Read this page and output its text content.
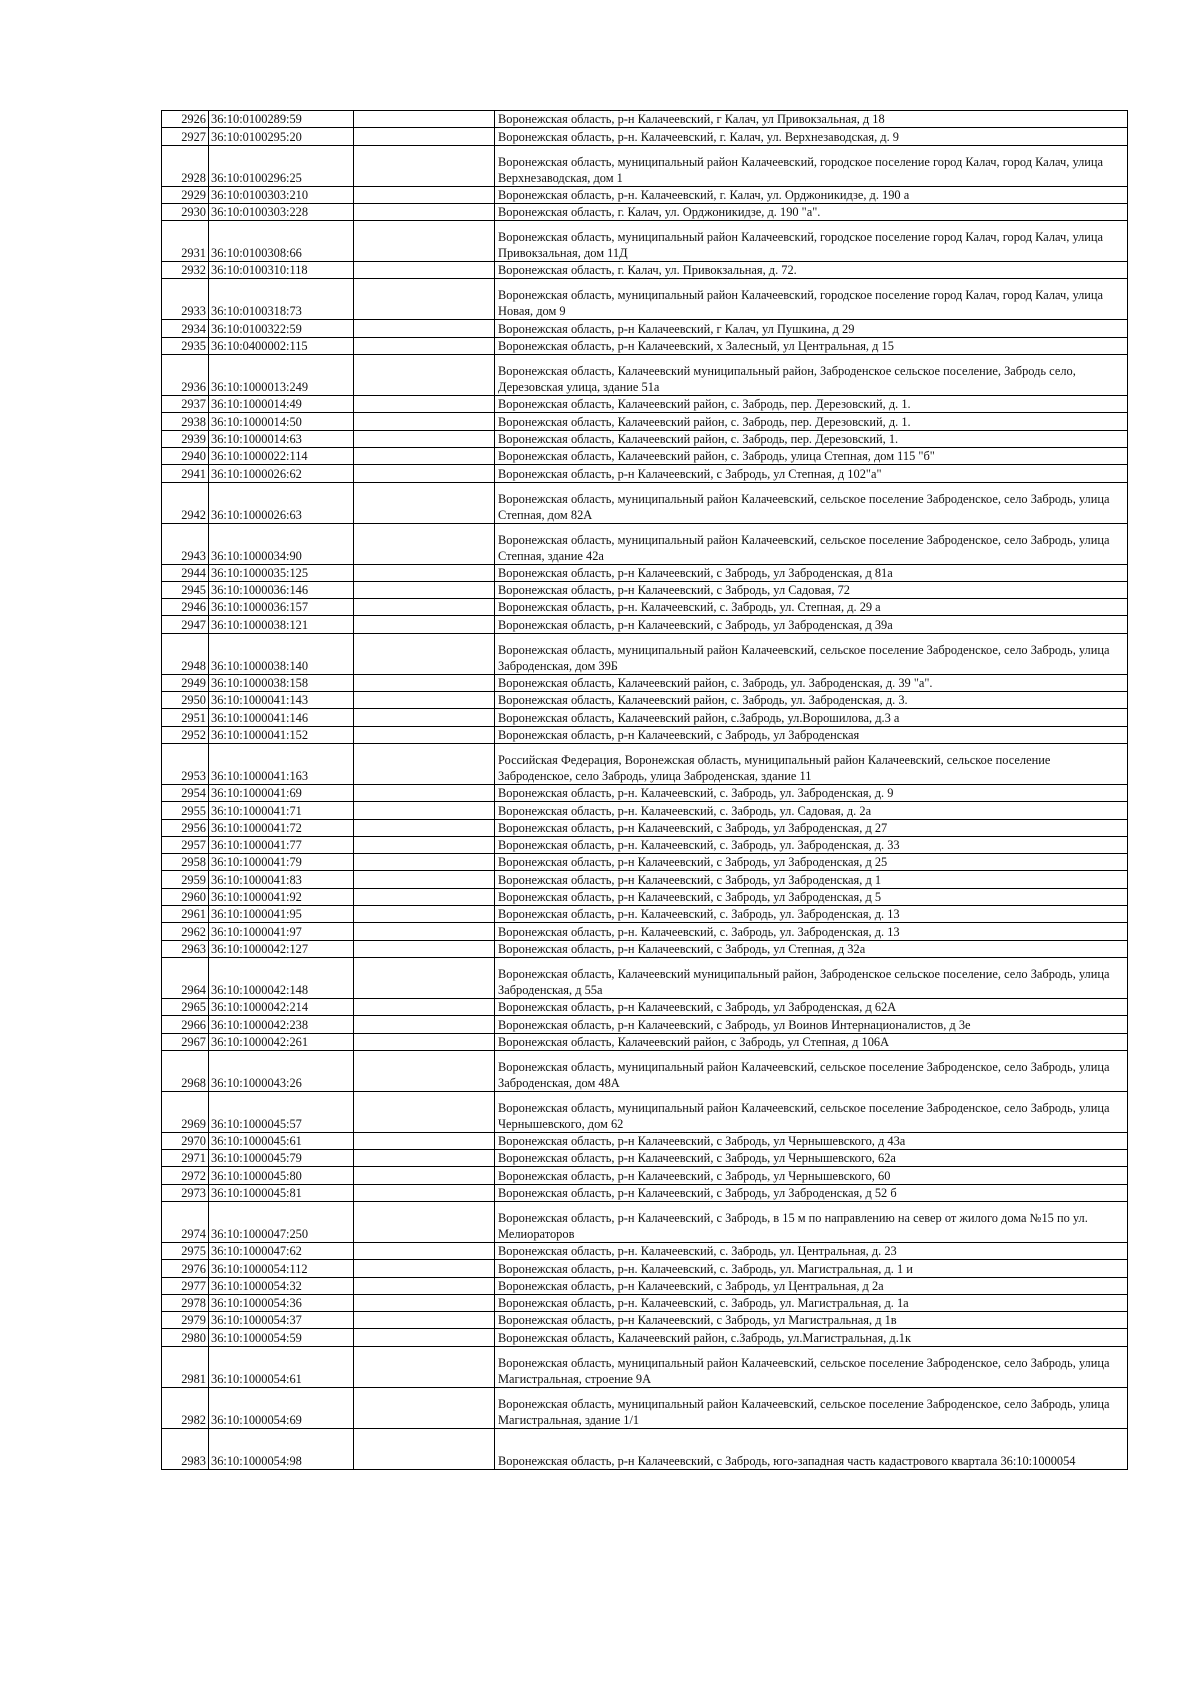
2926	36:10:0100289:59		Воронежская область, р-н Калачеевский, г Калач, ул Привокзальная, д 18
2927	36:10:0100295:20		Воронежская область, р-н. Калачеевский, г. Калач, ул. Верхнезаводская, д. 9
2928	36:10:0100296:25		Воронежская область, муниципальный район Калачеевский, городское поселение город Калач, город Калач, улица Верхнезаводская, дом 1
2929	36:10:0100303:210		Воронежская область, р-н. Калачеевский, г. Калач, ул. Орджоникидзе, д. 190 а
2930	36:10:0100303:228		Воронежская область, г. Калач, ул. Орджоникидзе, д. 190 "а".
2931	36:10:0100308:66		Воронежская область, муниципальный район Калачеевский, городское поселение город Калач, город Калач, улица Привокзальная, дом 11Д
2932	36:10:0100310:118		Воронежская область, г. Калач, ул. Привокзальная, д. 72.
2933	36:10:0100318:73		Воронежская область, муниципальный район Калачеевский, городское поселение город Калач, город Калач, улица Новая, дом 9
2934	36:10:0100322:59		Воронежская область, р-н Калачеевский, г Калач, ул Пушкина, д 29
2935	36:10:0400002:115		Воронежская область, р-н Калачеевский, х Залесный, ул Центральная, д 15
2936	36:10:1000013:249		Воронежская область, Калачеевский муниципальный район, Заброденское сельское поселение, Забродь село, Дерезовская улица, здание 51а
2937	36:10:1000014:49		Воронежская область, Калачеевский район, с. Забродь, пер. Дерезовский, д. 1.
2938	36:10:1000014:50		Воронежская область, Калачеевский район, с. Забродь, пер. Дерезовский, д. 1.
2939	36:10:1000014:63		Воронежская область, Калачеевский район, с. Забродь, пер. Дерезовский, 1.
2940	36:10:1000022:114		Воронежская область, Калачеевский район, с. Забродь, улица Степная, дом 115 "б"
2941	36:10:1000026:62		Воронежская область, р-н Калачеевский, с Забродь, ул Степная, д 102"а"
2942	36:10:1000026:63		Воронежская область, муниципальный район Калачеевский, сельское поселение Заброденское, село Забродь, улица Степная, дом 82А
2943	36:10:1000034:90		Воронежская область, муниципальный район Калачеевский, сельское поселение Заброденское, село Забродь, улица Степная, здание 42а
2944	36:10:1000035:125		Воронежская область, р-н Калачеевский, с Забродь, ул Заброденская, д 81а
2945	36:10:1000036:146		Воронежская область, р-н Калачеевский, с Забродь, ул Садовая, 72
2946	36:10:1000036:157		Воронежская область, р-н. Калачеевский, с. Забродь, ул. Степная, д. 29 а
2947	36:10:1000038:121		Воронежская область, р-н Калачеевский, с Забродь, ул Заброденская, д 39а
2948	36:10:1000038:140		Воронежская область, муниципальный район Калачеевский, сельское поселение Заброденское, село Забродь, улица Заброденская, дом 39Б
2949	36:10:1000038:158		Воронежская область, Калачеевский район, с. Забродь, ул. Заброденская, д. 39 "а".
2950	36:10:1000041:143		Воронежская область, Калачеевский район, с. Забродь, ул. Заброденская, д. 3.
2951	36:10:1000041:146		Воронежская область, Калачеевский район, с.Забродь, ул.Ворошилова, д.3 а
2952	36:10:1000041:152		Воронежская область, р-н Калачеевский, с Забродь, ул Заброденская
2953	36:10:1000041:163		Российская Федерация, Воронежская область, муниципальный район Калачеевский, сельское поселение Заброденское, село Забродь, улица Заброденская, здание 11
2954	36:10:1000041:69		Воронежская область, р-н. Калачеевский, с. Забродь, ул. Заброденская, д. 9
2955	36:10:1000041:71		Воронежская область, р-н. Калачеевский, с. Забродь, ул. Садовая, д. 2а
2956	36:10:1000041:72		Воронежская область, р-н Калачеевский, с Забродь, ул Заброденская, д 27
2957	36:10:1000041:77		Воронежская область, р-н. Калачеевский, с. Забродь, ул. Заброденская, д. 33
2958	36:10:1000041:79		Воронежская область, р-н Калачеевский, с Забродь, ул Заброденская, д 25
2959	36:10:1000041:83		Воронежская область, р-н Калачеевский, с Забродь, ул Заброденская, д 1
2960	36:10:1000041:92		Воронежская область, р-н Калачеевский, с Забродь, ул Заброденская, д 5
2961	36:10:1000041:95		Воронежская область, р-н. Калачеевский, с. Забродь, ул. Заброденская, д. 13
2962	36:10:1000041:97		Воронежская область, р-н. Калачеевский, с. Забродь, ул. Заброденская, д. 13
2963	36:10:1000042:127		Воронежская область, р-н Калачеевский, с Забродь, ул Степная, д 32а
2964	36:10:1000042:148		Воронежская область, Калачеевский муниципальный район, Заброденское сельское поселение, село Забродь, улица Заброденская, д 55а
2965	36:10:1000042:214		Воронежская область, р-н Калачеевский, с Забродь, ул Заброденская, д 62А
2966	36:10:1000042:238		Воронежская область, р-н Калачеевский, с Забродь, ул Воинов Интернационалистов, д 3е
2967	36:10:1000042:261		Воронежская область, Калачеевский район, с Забродь, ул Степная, д 106А
2968	36:10:1000043:26		Воронежская область, муниципальный район Калачеевский, сельское поселение Заброденское, село Забродь, улица Заброденская, дом 48А
2969	36:10:1000045:57		Воронежская область, муниципальный район Калачеевский, сельское поселение Заброденское, село Забродь, улица Чернышевского, дом 62
2970	36:10:1000045:61		Воронежская область, р-н Калачеевский, с Забродь, ул Чернышевского, д 43а
2971	36:10:1000045:79		Воронежская область, р-н Калачеевский, с Забродь, ул Чернышевского, 62а
2972	36:10:1000045:80		Воронежская область, р-н Калачеевский, с Забродь, ул Чернышевского, 60
2973	36:10:1000045:81		Воронежская область, р-н Калачеевский, с Забродь, ул Заброденская, д 52 б
2974	36:10:1000047:250		Воронежская область, р-н Калачеевский, с Забродь, в 15 м по направлению на север от жилого дома №15 по ул. Мелиораторов
2975	36:10:1000047:62		Воронежская область, р-н. Калачеевский, с. Забродь, ул. Центральная, д. 23
2976	36:10:1000054:112		Воронежская область, р-н. Калачеевский, с. Забродь, ул. Магистральная, д. 1 и
2977	36:10:1000054:32		Воронежская область, р-н Калачеевский, с Забродь, ул Центральная, д 2а
2978	36:10:1000054:36		Воронежская область, р-н. Калачеевский, с. Забродь, ул. Магистральная, д. 1а
2979	36:10:1000054:37		Воронежская область, р-н Калачеевский, с Забродь, ул Магистральная, д 1в
2980	36:10:1000054:59		Воронежская область, Калачеевский район, с.Забродь, ул.Магистральная, д.1к
2981	36:10:1000054:61		Воронежская область, муниципальный район Калачеевский, сельское поселение Заброденское, село Забродь, улица Магистральная, строение 9А
2982	36:10:1000054:69		Воронежская область, муниципальный район Калачеевский, сельское поселение Заброденское, село Забродь, улица Магистральная, здание 1/1
2983	36:10:1000054:98		Воронежская область, р-н Калачеевский, с Забродь, юго-западная часть кадастрового квартала 36:10:1000054
